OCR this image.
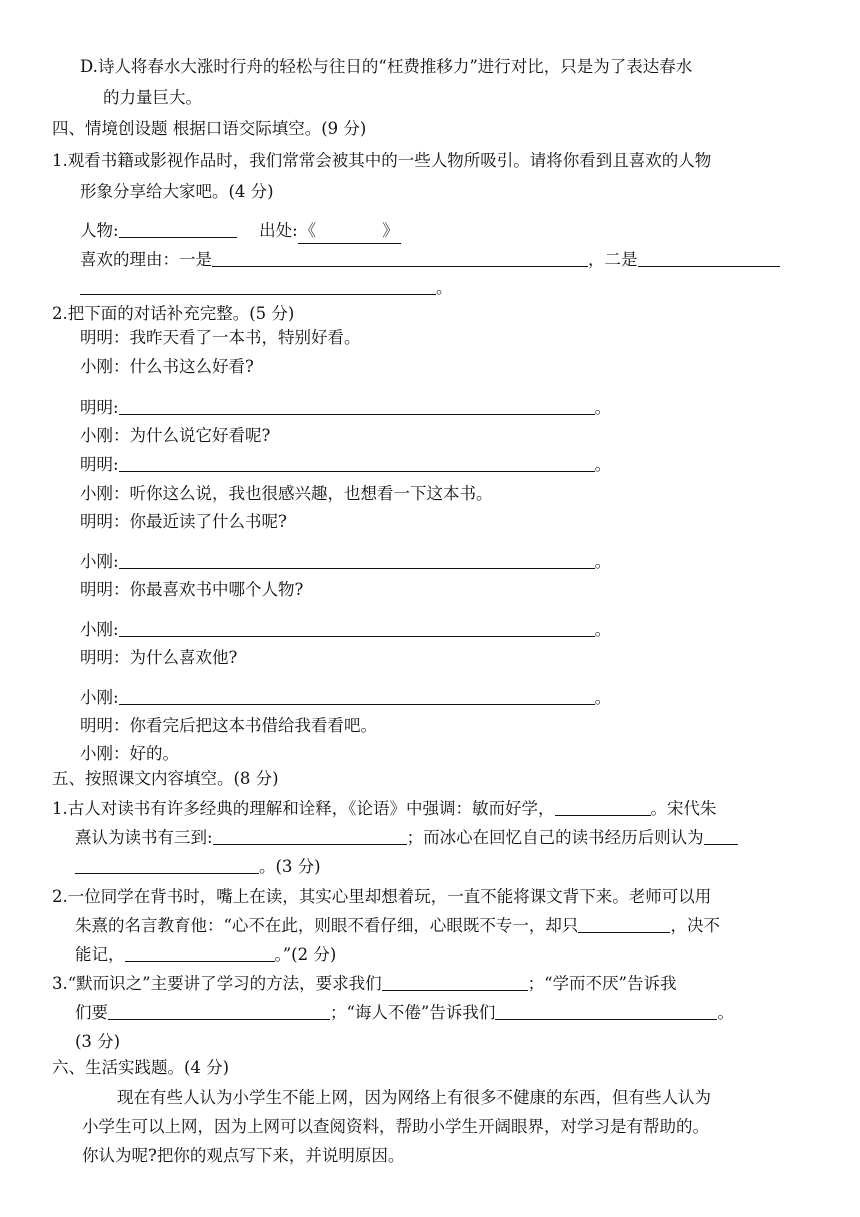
D.诗人将春水大涨时行舟的轻松与往日的“枉费推移力”进行对比，只是为了表达春水
的力量巨大。
四、情境创设题 根据口语交际填空。(9 分)
1.观看书籍或影视作品时，我们常常会被其中的一些人物所吸引。请将你看到且喜欢的人物
形象分享给大家吧。(4 分)
人物:	出处: 《	》
喜欢的理由：一是	，二是
。
2.把下面的对话补充完整。(5 分)
明明：我昨天看了一本书，特别好看。
小刚：什么书这么好看?
明明:	。
小刚：为什么说它好看呢?
明明:	。
小刚：听你这么说，我也很感兴趣，也想看一下这本书。
明明：你最近读了什么书呢?
小刚:	。
明明：你最喜欢书中哪个人物?
小刚:	。
明明：为什么喜欢他?
小刚:	。
明明：你看完后把这本书借给我看看吧。
小刚：好的。
五、按照课文内容填空。(8 分)
1.古人对读书有许多经典的理解和诠释，《论语》中强调：敏而好学，	。宋代朱
熹认为读书有三到:	；而冰心在回忆自己的读书经历后则认为
。(3 分)
2.一位同学在背书时，嘴上在读，其实心里却想着玩，一直不能将课文背下来。老师可以用
朱熹的名言教育他：“心不在此，则眼不看仔细，心眼既不专一，却只	，决不
能记，	。”(2 分)
3.“默而识之”主要讲了学习的方法，要求我们	；“学而不厌”告诉我
们要	；“诲人不倦”告诉我们	。
(3 分)
六、生活实践题。(4 分)
现在有些人认为小学生不能上网，因为网络上有很多不健康的东西，但有些人认为
小学生可以上网，因为上网可以查阅资料，帮助小学生开阔眼界，对学习是有帮助的。
你认为呢?把你的观点写下来，并说明原因。
